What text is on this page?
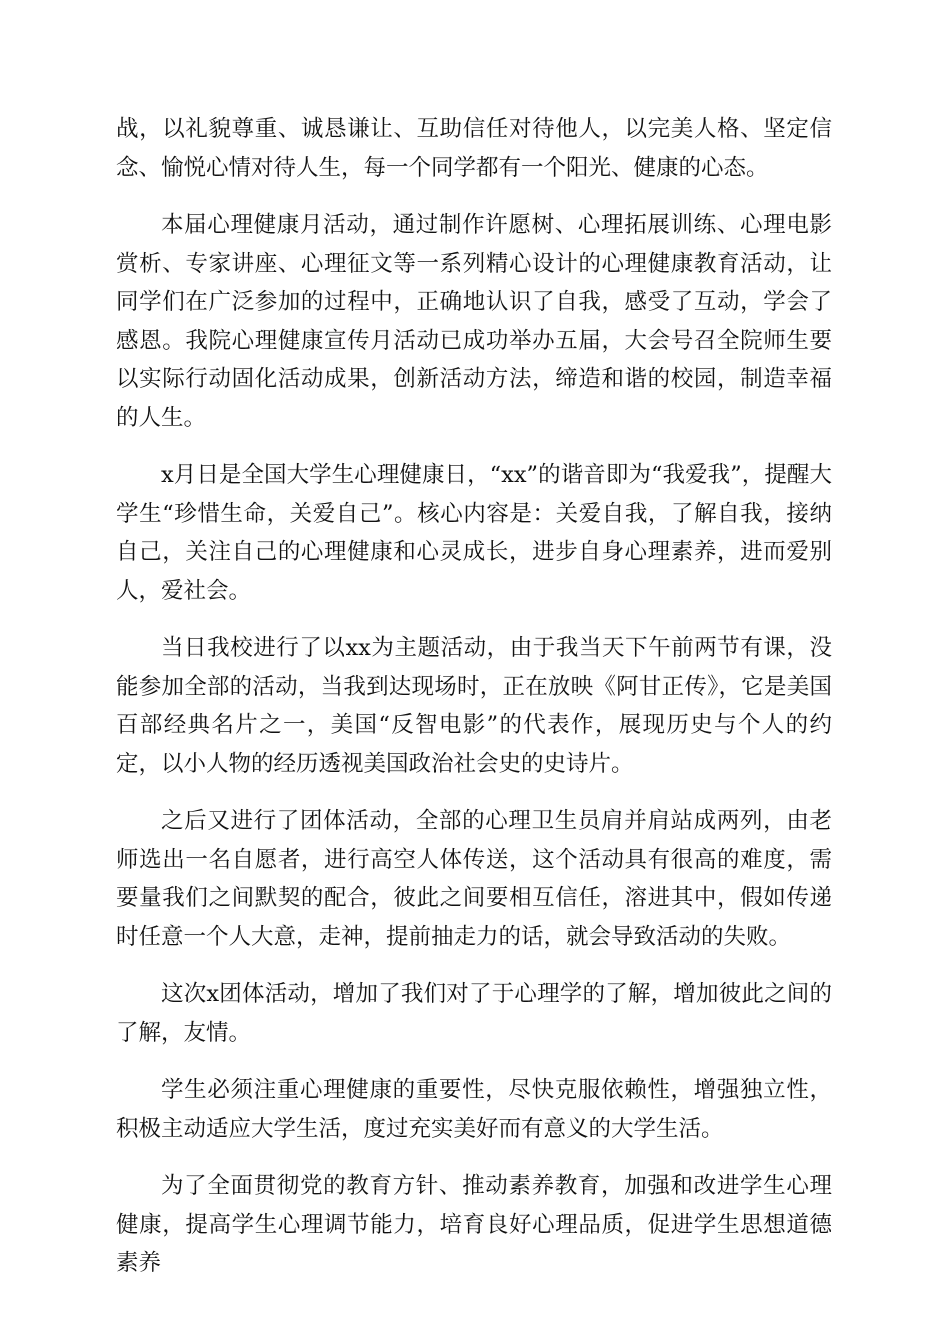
战，以礼貌尊重、诚恳谦让、互助信任对待他人，以完美人格、坚定信念、愉悦心情对待人生，每一个同学都有一个阳光、健康的心态。

本届心理健康月活动，通过制作许愿树、心理拓展训练、心理电影赏析、专家讲座、心理征文等一系列精心设计的心理健康教育活动，让同学们在广泛参加的过程中，正确地认识了自我，感受了互动，学会了感恩。我院心理健康宣传月活动已成功举办五届，大会号召全院师生要以实际行动固化活动成果，创新活动方法，缔造和谐的校园，制造幸福的人生。

x月日是全国大学生心理健康日，“xx”的谐音即为“我爱我”，提醒大学生“珍惜生命，关爱自己”。核心内容是：关爱自我，了解自我，接纳自己，关注自己的心理健康和心灵成长，进步自身心理素养，进而爱别人，爱社会。

当日我校进行了以xx为主题活动，由于我当天下午前两节有课，没能参加全部的活动，当我到达现场时，正在放映《阿甘正传》，它是美国百部经典名片之一，美国“反智电影”的代表作，展现历史与个人的约定，以小人物的经历透视美国政治社会史的史诗片。

之后又进行了团体活动，全部的心理卫生员肩并肩站成两列，由老师选出一名自愿者，进行高空人体传送，这个活动具有很高的难度，需要量我们之间默契的配合，彼此之间要相互信任，溶进其中，假如传递时任意一个人大意，走神，提前抽走力的话，就会导致活动的失败。

这次x团体活动，增加了我们对了于心理学的了解，增加彼此之间的了解，友情。

学生必须注重心理健康的重要性，尽快克服依赖性，增强独立性，积极主动适应大学生活，度过充实美好而有意义的大学生活。

为了全面贯彻党的教育方针、推动素养教育，加强和改进学生心理健康，提高学生心理调节能力，培育良好心理品质，促进学生思想道德素养
